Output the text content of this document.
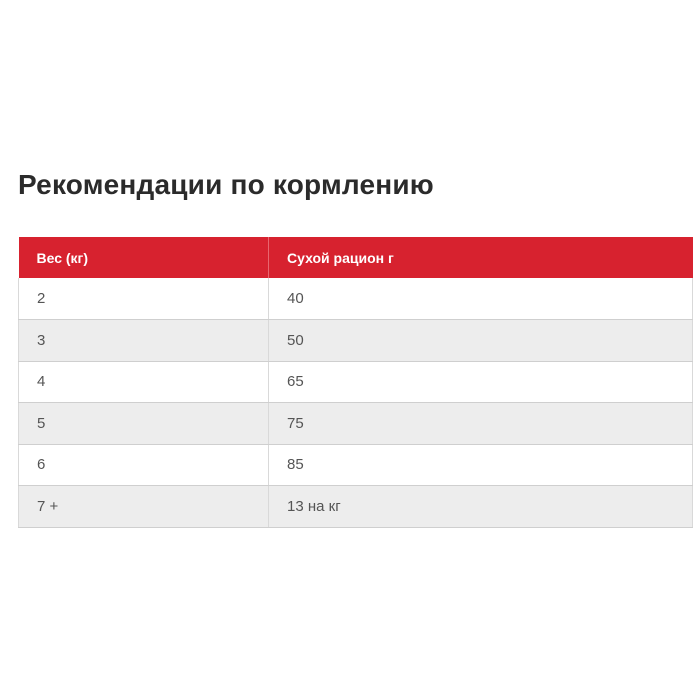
Рекомендации по кормлению
Вес (кг)	Сухой рацион г
2	40
3	50
4	65
5	75
6	85
7 +	13 на кг
